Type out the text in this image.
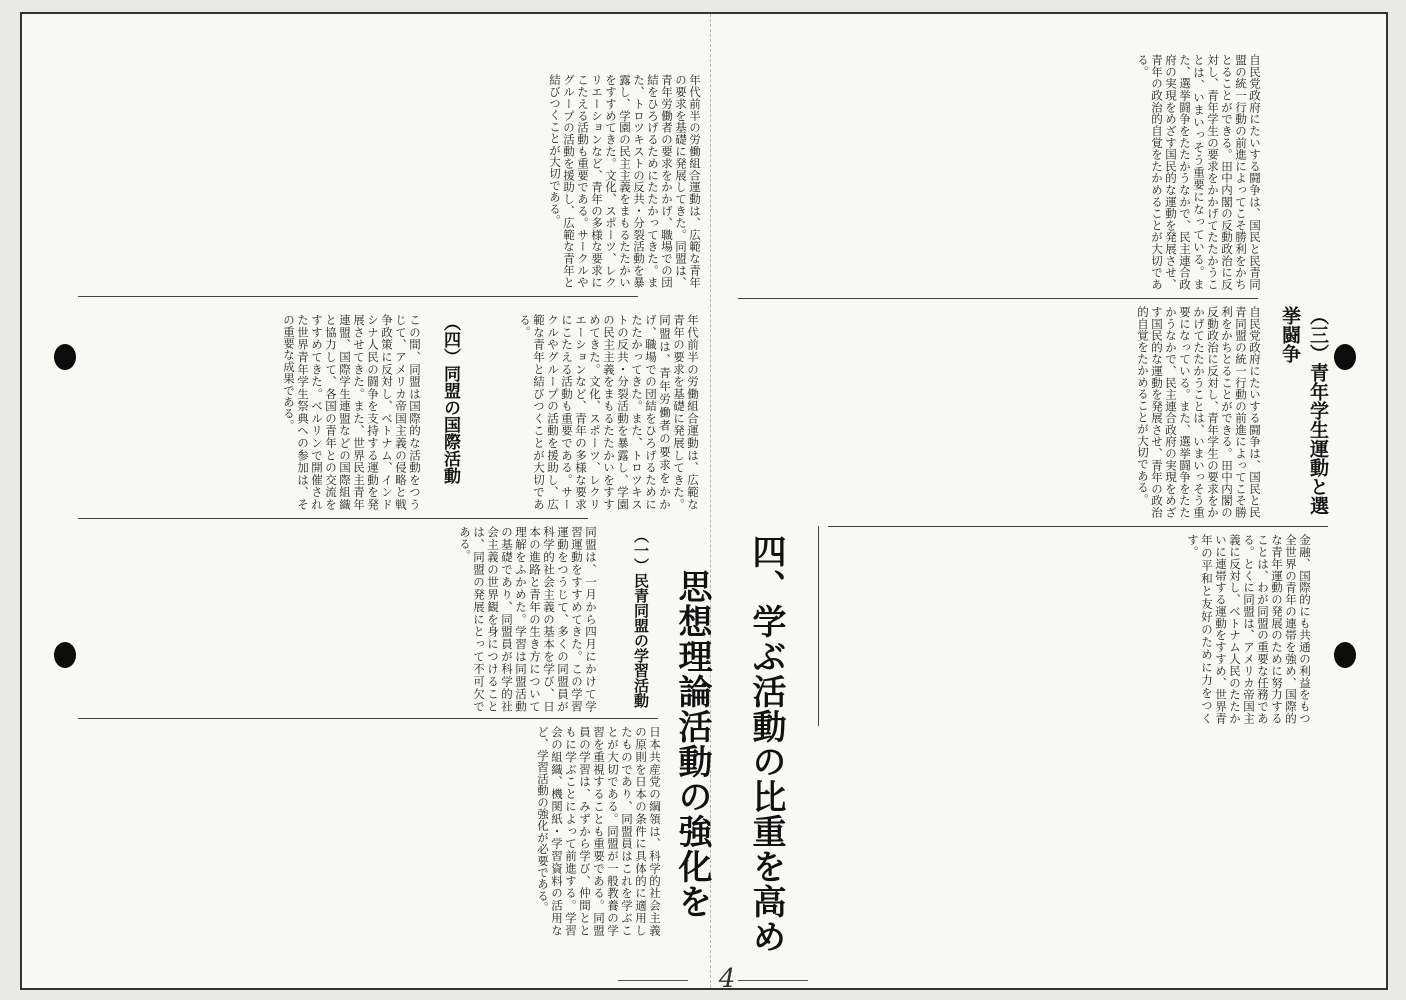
自民党政府にたいする闘争は、国民と民青同盟の統一行動の前進によってこそ勝利をかちとることができる。田中内閣の反動政治に反対し、青年学生の要求をかかげてたたかうことは、いまいっそう重要になっている。また、選挙闘争をたたかうなかで、民主連合政府の実現をめざす国民的な運動を発展させ、青年の政治的自覚をたかめることが大切である。
（三）青年学生運動と選挙闘争
自民党政府にたいする闘争は、国民と民青同盟の統一行動の前進によってこそ勝利をかちとることができる。田中内閣の反動政治に反対し、青年学生の要求をかかげてたたかうことは、いまいっそう重要になっている。また、選挙闘争をたたかうなかで、民主連合政府の実現をめざす国民的な運動を発展させ、青年の政治的自覚をたかめることが大切である。
金融、国際的にも共通の利益をもつ全世界の青年の連帯を強め、国際的な青年運動の発展のために努力することは、わが同盟の重要な任務である。とくに同盟は、アメリカ帝国主義に反対し、ベトナム人民のたたかいに連帯する運動をすすめ、世界青年の平和と友好のために力をつくす。
（四）同盟の国際活動
この間、同盟は国際的な活動をつうじて、アメリカ帝国主義の侵略と戦争政策に反対し、ベトナム、インドシナ人民の闘争を支持する運動を発展させてきた。また、世界民主青年連盟、国際学生連盟などの国際組織と協力して、各国の青年との交流をすすめてきた。ベルリンで開催された世界青年学生祭典への参加は、その重要な成果である。
年代前半の労働組合運動は、広範な青年の要求を基礎に発展してきた。同盟は、青年労働者の要求をかかげ、職場での団結をひろげるためにたたかってきた。また、トロツキストの反共・分裂活動を暴露し、学園の民主主義をまもるたたかいをすすめてきた。文化、スポーツ、レクリエーションなど、青年の多様な要求にこたえる活動も重要である。サークルやグループの活動を援助し、広範な青年と結びつくことが大切である。
年代前半の労働組合運動は、広範な青年の要求を基礎に発展してきた。同盟は、青年労働者の要求をかかげ、職場での団結をひろげるためにたたかってきた。また、トロツキストの反共・分裂活動を暴露し、学園の民主主義をまもるたたかいをすすめてきた。文化、スポーツ、レクリエーションなど、青年の多様な要求にこたえる活動も重要である。サークルやグループの活動を援助し、広範な青年と結びつくことが大切である。
四、学ぶ活動の比重を高め
思想理論活動の強化を
（一）民青同盟の学習活動
同盟は、一月から四月にかけて学習運動をすすめてきた。この学習運動をつうじて、多くの同盟員が科学的社会主義の基本を学び、日本の進路と青年の生き方について理解をふかめた。学習は同盟活動の基礎であり、同盟員が科学的社会主義の世界観を身につけることは、同盟の発展にとって不可欠である。
日本共産党の綱領は、科学的社会主義の原則を日本の条件に具体的に適用したものであり、同盟員はこれを学ぶことが大切である。同盟が一般教養の学習を重視することも重要である。同盟員の学習は、みずから学び、仲間とともに学ぶことによって前進する。学習会の組織、機関紙・学習資料の活用など、学習活動の強化が必要である。
4
